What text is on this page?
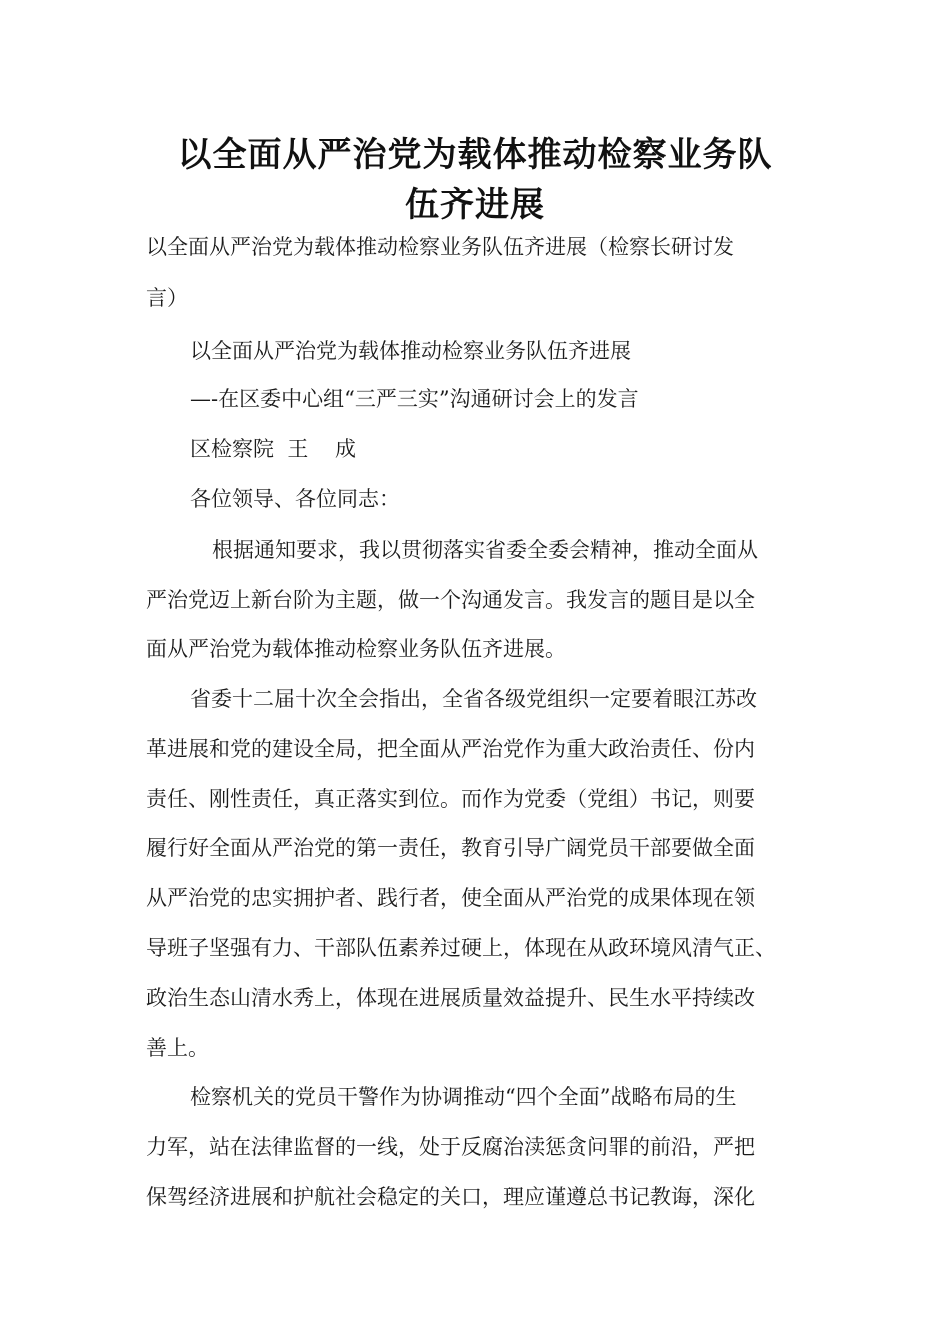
以全面从严治党为载体推动检察业务队
伍齐进展
以全面从严治党为载体推动检察业务队伍齐进展（检察长研讨发
言）
以全面从严治党为载体推动检察业务队伍齐进展
—-在区委中心组“三严三实”沟通研讨会上的发言
区检察院  王    成
各位领导、各位同志：
根据通知要求，我以贯彻落实省委全委会精神，推动全面从
严治党迈上新台阶为主题，做一个沟通发言。我发言的题目是以全
面从严治党为载体推动检察业务队伍齐进展。
省委十二届十次全会指出，全省各级党组织一定要着眼江苏改
革进展和党的建设全局，把全面从严治党作为重大政治责任、份内
责任、刚性责任，真正落实到位。而作为党委（党组）书记，则要
履行好全面从严治党的第一责任，教育引导广阔党员干部要做全面
从严治党的忠实拥护者、践行者，使全面从严治党的成果体现在领
导班子坚强有力、干部队伍素养过硬上，体现在从政环境风清气正、
政治生态山清水秀上，体现在进展质量效益提升、民生水平持续改
善上。
检察机关的党员干警作为协调推动“四个全面”战略布局的生
力军，站在法律监督的一线，处于反腐治渎惩贪问罪的前沿，严把
保驾经济进展和护航社会稳定的关口，理应谨遵总书记教诲，深化
